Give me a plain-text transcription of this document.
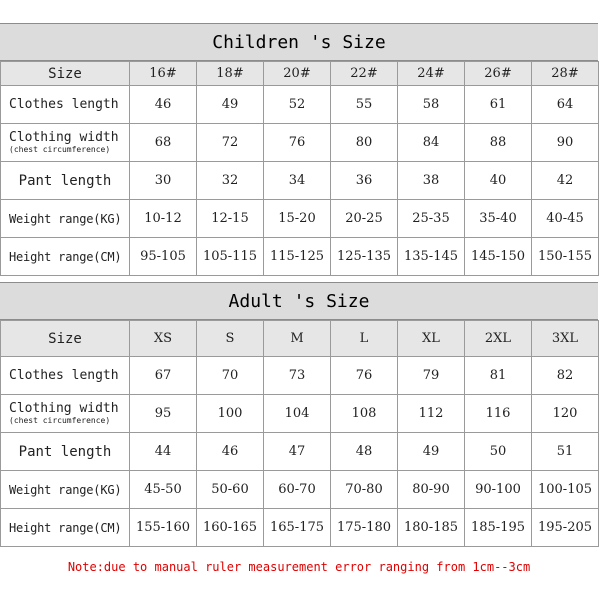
Children 's Size
Size	16#	18#	20#	22#	24#	26#	28#
Clothes length	46	49	52	55	58	61	64

Clothing width
(chest circumference)	68	72	76	80	84	88	90
Pant length	30	32	34	36	38	40	42
Weight range(KG)	10-12	12-15	15-20	20-25	25-35	35-40	40-45
Height range(CM)	95-105	105-115	115-125	125-135	135-145	145-150	150-155
Adult 's Size
Size	XS	S	M	L	XL	2XL	3XL
Clothes length	67	70	73	76	79	81	82

Clothing width
(chest circumference)	95	100	104	108	112	116	120
Pant length	44	46	47	48	49	50	51
Weight range(KG)	45-50	50-60	60-70	70-80	80-90	90-100	100-105
Height range(CM)	155-160	160-165	165-175	175-180	180-185	185-195	195-205
Note:due to manual ruler measurement error ranging from 1cm--3cm
